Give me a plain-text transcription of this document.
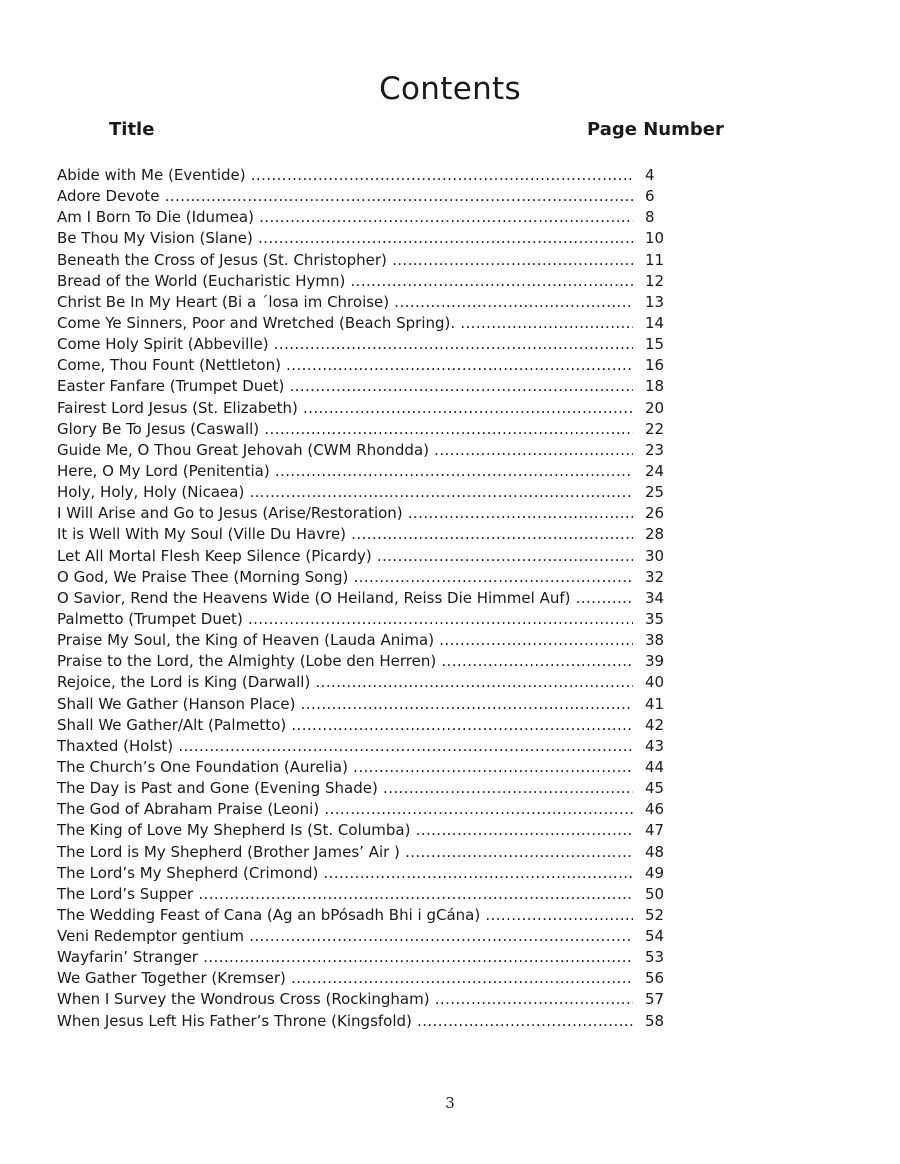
Contents
Title	Page Number
Abide with Me (Eventide) .....	4
Adore Devote .....	6
Am I Born To Die (Idumea) .....	8
Be Thou My Vision (Slane) .....	10
Beneath the Cross of Jesus (St. Christopher) .....	11
Bread of the World (Eucharistic Hymn) .....	12
Christ Be In My Heart (Bi a ´losa im Chroise) .....	13
Come Ye Sinners, Poor and Wretched (Beach Spring). .....	14
Come Holy Spirit (Abbeville) .....	15
Come, Thou Fount (Nettleton) .....	16
Easter Fanfare (Trumpet Duet) .....	18
Fairest Lord Jesus (St. Elizabeth) .....	20
Glory Be To Jesus (Caswall) .....	22
Guide Me, O Thou Great Jehovah (CWM Rhondda) .....	23
Here, O My Lord (Penitentia) .....	24
Holy, Holy, Holy (Nicaea) .....	25
I Will Arise and Go to Jesus (Arise/Restoration) .....	26
It is Well With My Soul (Ville Du Havre) .....	28
Let All Mortal Flesh Keep Silence (Picardy) .....	30
O God, We Praise Thee (Morning Song) .....	32
O Savior, Rend the Heavens Wide (O Heiland, Reiss Die Himmel Auf) .....	34
Palmetto (Trumpet Duet) .....	35
Praise My Soul, the King of Heaven (Lauda Anima) .....	38
Praise to the Lord, the Almighty (Lobe den Herren) .....	39
Rejoice, the Lord is King (Darwall) .....	40
Shall We Gather (Hanson Place) .....	41
Shall We Gather/Alt (Palmetto) .....	42
Thaxted (Holst) .....	43
The Church’s One Foundation (Aurelia) .....	44
The Day is Past and Gone (Evening Shade) .....	45
The God of Abraham Praise (Leoni) .....	46
The King of Love My Shepherd Is (St. Columba) .....	47
The Lord is My Shepherd (Brother James’ Air ) .....	48
The Lord’s My Shepherd (Crimond) .....	49
The Lord’s Supper .....	50
The Wedding Feast of Cana (Ag an bPósadh Bhi i gCána) .....	52
Veni Redemptor gentium .....	54
Wayfarin’ Stranger .....	53
We Gather Together (Kremser) .....	56
When I Survey the Wondrous Cross (Rockingham) .....	57
When Jesus Left His Father’s Throne (Kingsfold) .....	58
3
